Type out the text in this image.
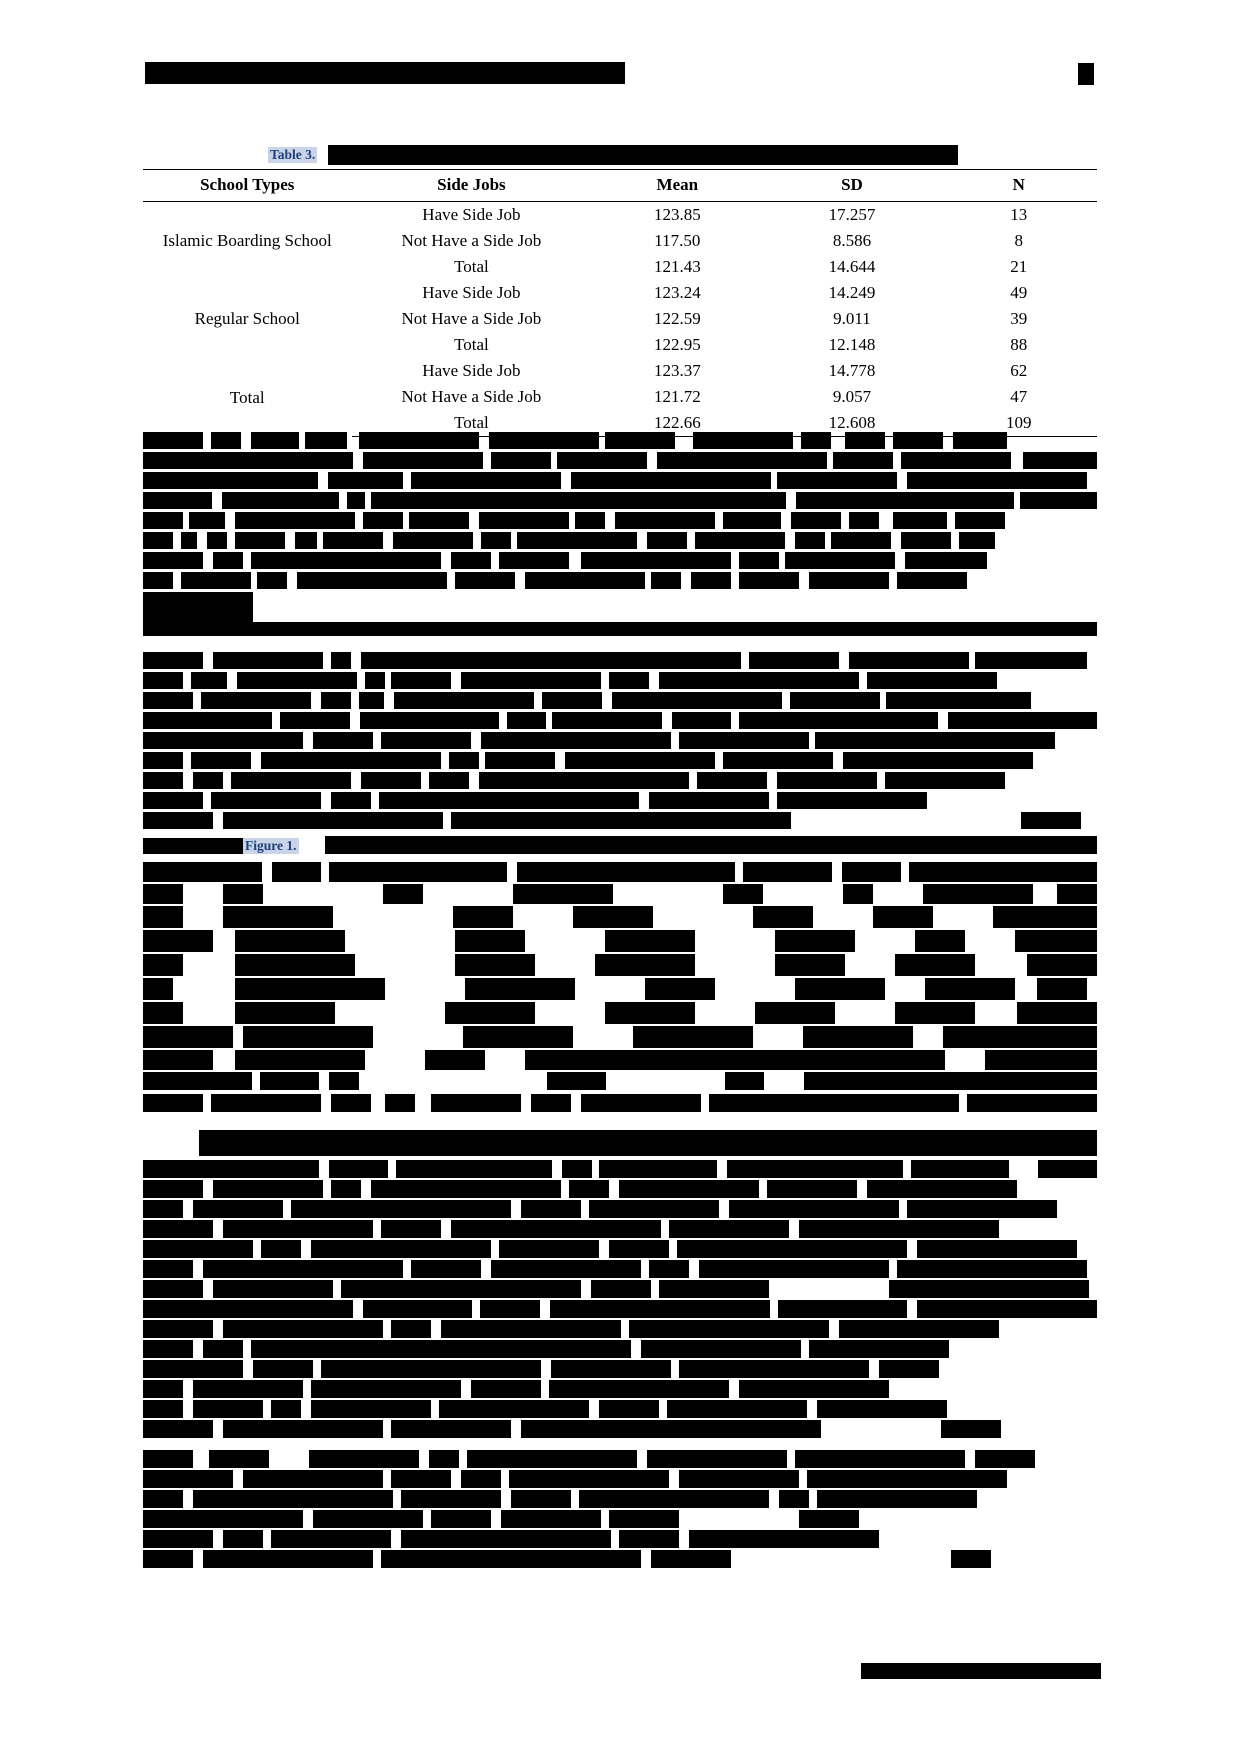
Table 3.
School Types	Side Jobs	Mean	SD	N
Islamic Boarding School	Have Side Job	123.85	17.257	13
	Not Have a Side Job	117.50	8.586	8
	Total	121.43	14.644	21
Regular School	Have Side Job	123.24	14.249	49
	Not Have a Side Job	122.59	9.011	39
	Total	122.95	12.148	88
Total	Have Side Job	123.37	14.778	62
	Not Have a Side Job	121.72	9.057	47
	Total	122.66	12.608	109
Figure 1.
